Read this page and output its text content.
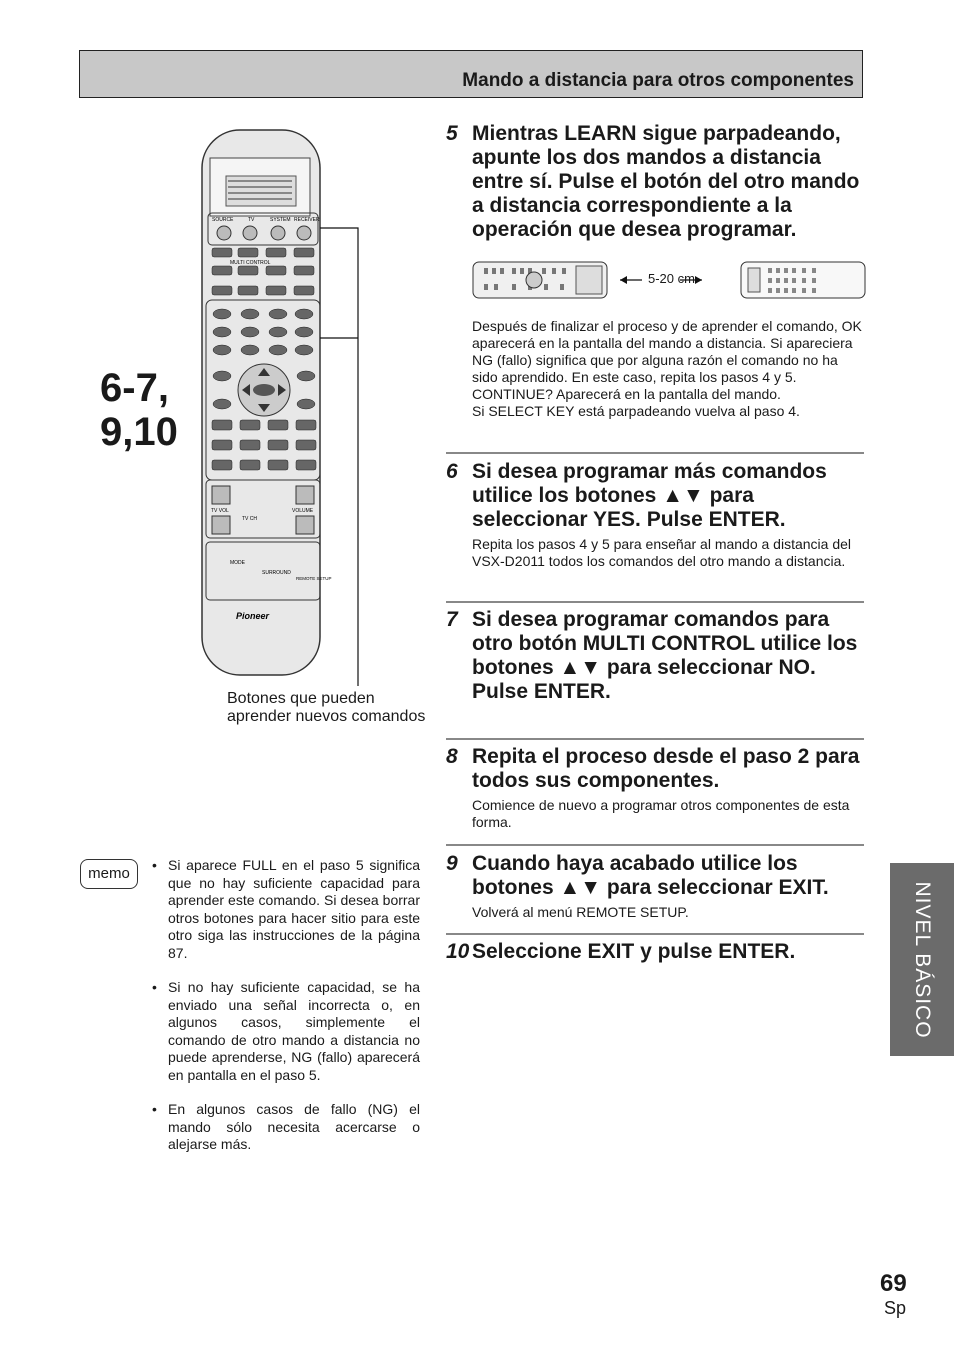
Mando a distancia para otros componentes
SOURCE	TV	SYSTEM RECEIVER
MULTI CONTROL
TV VOL
TV CH
VOLUME
MODE
SURROUND
REMOTE SETUP
Pioneer
6-7,
9,10
Botones que pueden aprender nuevos comandos
5 Mientras LEARN sigue parpadeando, apunte los dos mandos a distancia entre sí. Pulse el botón del otro mando a distancia correspondiente a la operación que desea programar.
5-20 cm
Después de finalizar el proceso y de aprender el comando, OK aparecerá en la pantalla del mando a distancia. Si apareciera NG (fallo) significa que por alguna razón el comando no ha sido aprendido. En este caso, repita los pasos 4 y 5.
CONTINUE? Aparecerá en la pantalla del mando.
Si SELECT KEY está parpadeando vuelva al paso 4.
6 Si desea programar más comandos utilice los botones ▲▼ para seleccionar YES. Pulse ENTER.
Repita los pasos 4 y 5 para enseñar al mando a distancia del VSX-D2011 todos los comandos del otro mando a distancia.
7 Si desea programar comandos para otro botón MULTI CONTROL utilice los botones ▲▼ para seleccionar NO. Pulse ENTER.
8 Repita el proceso desde el paso 2 para todos sus componentes.
Comience de nuevo a programar otros componentes de esta forma.
9 Cuando haya acabado utilice los botones ▲▼ para seleccionar EXIT.
Volverá al menú REMOTE SETUP.
10 Seleccione EXIT y pulse ENTER.
memo	• Si aparece FULL en el paso 5 significa que no hay suficiente capacidad para aprender este comando. Si desea borrar otros botones para hacer sitio para este otro siga las instrucciones de la página 87.
• Si no hay suficiente capacidad, se ha enviado una señal incorrecta o, en algunos casos, simplemente el comando de otro mando a distancia no puede aprenderse, NG (fallo) aparecerá en pantalla en el paso 5.
• En algunos casos de fallo (NG) el mando sólo necesita acercarse o alejarse más.
NIVEL BÁSICO
69
Sp
